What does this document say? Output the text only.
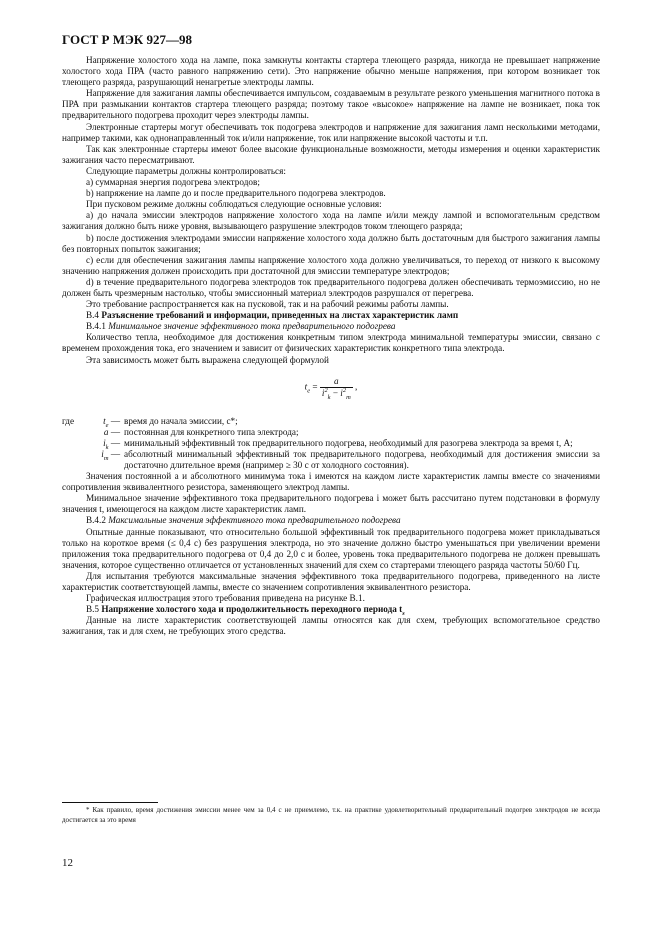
ГОСТ Р МЭК 927—98

Напряжение холостого хода на лампе, пока замкнуты контакты стартера тлеющего разряда, никогда не превышает напряжение холостого хода ПРА (часто равного напряжению сети). Это напряжение обычно меньше напряжения, при котором возникает ток тлеющего разряда, разрушающий ненагретые электроды лампы.

Напряжение для зажигания лампы обеспечивается импульсом, создаваемым в результате резкого уменьшения магнитного потока в ПРА при размыкании контактов стартера тлеющего разряда; поэтому такое «высокое» напряжение на лампе не возникает, пока ток предварительного подогрева проходит через электроды лампы.

Электронные стартеры могут обеспечивать ток подогрева электродов и напряжение для зажигания ламп несколькими методами, например такими, как однонаправленный ток и/или напряжение, ток или напряжение высокой частоты и т.п.

Так как электронные стартеры имеют более высокие функциональные возможности, методы измерения и оценки характеристик зажигания часто пересматривают.

Следующие параметры должны контролироваться:

а) суммарная энергия подогрева электродов;

b) напряжение на лампе до и после предварительного подогрева электродов.

При пусковом режиме должны соблюдаться следующие основные условия:

а) до начала эмиссии электродов напряжение холостого хода на лампе и/или между лампой и вспомогательным средством зажигания должно быть ниже уровня, вызывающего разрушение электродов током тлеющего разряда;

b) после достижения электродами эмиссии напряжение холостого хода должно быть достаточным для быстрого зажигания лампы без повторных попыток зажигания;

с) если для обеспечения зажигания лампы напряжение холостого хода должно увеличиваться, то переход от низкого к высокому значению напряжения должен происходить при достаточной для эмиссии температуре электродов;

d) в течение предварительного подогрева электродов ток предварительного подогрева должен обеспечивать термоэмиссию, но не должен быть чрезмерным настолько, чтобы эмиссионный материал электродов разрушался от перегрева.

Это требование распространяется как на пусковой, так и на рабочий режимы работы лампы.

В.4 Разъяснение требований и информации, приведенных на листах характеристик ламп

В.4.1 Минимальное значение эффективного тока предварительного подогрева

Количество тепла, необходимое для достижения конкретным типом электрода минимальной температуры эмиссии, связано с временем прохождения тока, его значением и зависит от физических характеристик конкретного типа электрода.

Эта зависимость может быть выражена следующей формулой

$t_e = \frac{a}{i^2_k - i^2_m}$ ,
где	$t_e$ — время до начала эмиссии, с*;
a — постоянная для конкретного типа электрода;
$i_k$ — минимальный эффективный ток предварительного подогрева, необходимый для разогрева электрода за время t, А;
$i_m$ — абсолютный минимальный эффективный ток предварительного подогрева, необходимый для достижения эмиссии за достаточно длительное время (например ≥ 30 с от холодного состояния).

Значения постоянной a и абсолютного минимума тока i имеются на каждом листе характеристик лампы вместе со значениями сопротивления эквивалентного резистора, заменяющего электрод лампы.

Минимальное значение эффективного тока предварительного подогрева i может быть рассчитано путем подстановки в формулу значения t, имеющегося на каждом листе характеристик ламп.

В.4.2 Максимальные значения эффективного тока предварительного подогрева

Опытные данные показывают, что относительно большой эффективный ток предварительного подогрева может прикладываться только на короткое время (≤ 0,4 с) без разрушения электрода, но это значение должно быстро уменьшаться при увеличении времени приложения тока предварительного подогрева от 0,4 до 2,0 с и более, уровень тока предварительного подогрева не должен превышать значения, которое существенно отличается от установленных значений для схем со стартерами тлеющего разряда частоты 50/60 Гц.

Для испытания требуются максимальные значения эффективного тока предварительного подогрева, приведенного на листе характеристик соответствующей лампы, вместе со значением сопротивления эквивалентного резистора.

Графическая иллюстрация этого требования приведена на рисунке В.1.

В.5 Напряжение холостого хода и продолжительность переходного периода $t_s$

Данные на листе характеристик соответствующей лампы относятся как для схем, требующих вспомогательное средство зажигания, так и для схем, не требующих этого средства.

* Как правило, время достижения эмиссии менее чем за 0,4 с не приемлемо, т.к. на практике удовлетворительный предварительный подогрев электродов не всегда достигается за это время
12
